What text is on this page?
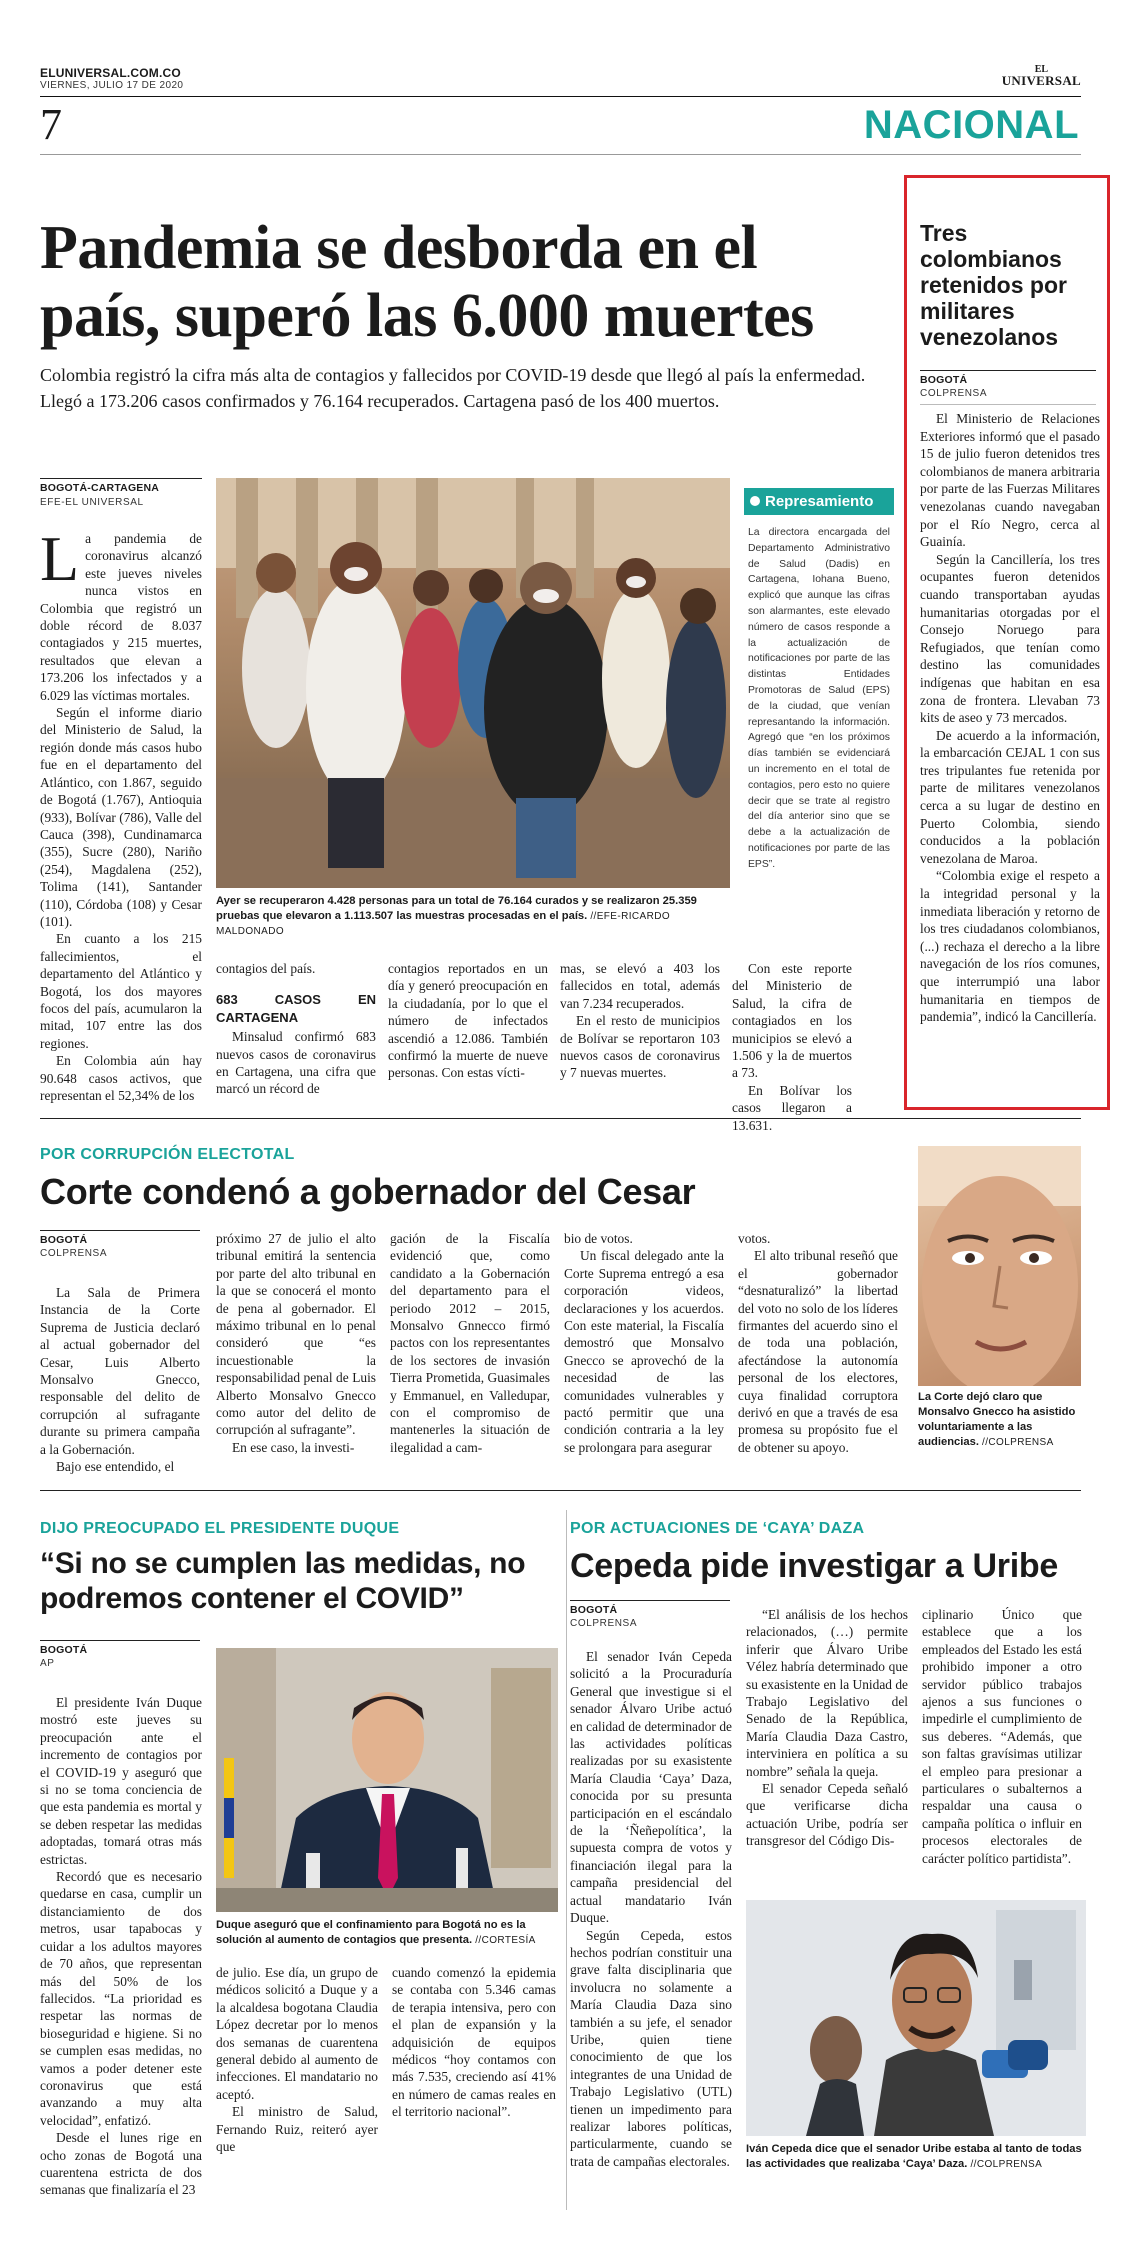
ELUNIVERSAL.COM.CO
VIERNES, JULIO 17 DE 2020
EL
UNIVERSAL
7	NACIONAL
Pandemia se desborda en el país, superó las 6.000 muertes
Colombia registró la cifra más alta de contagios y fallecidos por COVID-19 desde que llegó al país la enfermedad. Llegó a 173.206 casos confirmados y 76.164 recuperados. Cartagena pasó de los 400 muertos.
BOGOTÁ-CARTAGENA
EFE-EL UNIVERSAL

La pandemia de coronavirus alcanzó este jueves niveles nunca vistos en Colombia que registró un doble récord de 8.037 contagiados y 215 muertes, resultados que elevan a 173.206 los infectados y a 6.029 las víctimas mortales.

Según el informe diario del Ministerio de Salud, la región donde más casos hubo fue en el departamento del Atlántico, con 1.867, seguido de Bogotá (1.767), Antioquia (933), Bolívar (786), Valle del Cauca (398), Cundinamarca (355), Sucre (280), Nariño (254), Magdalena (252), Tolima (141), Santander (110), Córdoba (108) y Cesar (101).

En cuanto a los 215 fallecimientos, el departamento del Atlántico y Bogotá, los dos mayores focos del país, acumularon la mitad, 107 entre las dos regiones.

En Colombia aún hay 90.648 casos activos, que representan el 52,34% de los

Ayer se recuperaron 4.428 personas para un total de 76.164 curados y se realizaron 25.359 pruebas que elevaron a 1.113.507 las muestras procesadas en el país. //EFE-RICARDO MALDONADO
Represamiento
La directora encargada del Departamento Administrativo de Salud (Dadis) en Cartagena, Iohana Bueno, explicó que aunque las cifras son alarmantes, este elevado número de casos responde a la actualización de notificaciones por parte de las distintas Entidades Promotoras de Salud (EPS) de la ciudad, que venían represantando la información. Agregó que “en los próximos días también se evidenciará un incremento en el total de contagios, pero esto no quiere decir que se trate al registro del día anterior sino que se debe a la actualización de notificaciones por parte de las EPS”.

contagios del país.

683 CASOS EN CARTAGENA

Minsalud confirmó 683 nuevos casos de coronavirus en Cartagena, una cifra que marcó un récord de

contagios reportados en un día y generó preocupación en la ciudadanía, por lo que el número de infectados ascendió a 12.086. También confirmó la muerte de nueve personas. Con estas vícti-

mas, se elevó a 403 los fallecidos en total, además van 7.234 recuperados.

En el resto de municipios de Bolívar se reportaron 103 nuevos casos de coronavirus y 7 nuevas muertes.

Con este reporte del Ministerio de Salud, la cifra de contagiados en los municipios se elevó a 1.506 y la de muertos a 73.

En Bolívar los casos llegaron a 13.631.

Tres colombianos retenidos por militares venezolanos
BOGOTÁ
COLPRENSA

El Ministerio de Relaciones Exteriores informó que el pasado 15 de julio fueron detenidos tres colombianos de manera arbitraria por parte de las Fuerzas Militares venezolanas cuando navegaban por el Río Negro, cerca al Guainía.

Según la Cancillería, los tres ocupantes fueron detenidos cuando transportaban ayudas humanitarias otorgadas por el Consejo Noruego para Refugiados, que tenían como destino las comunidades indígenas que habitan en esa zona de frontera. Llevaban 73 kits de aseo y 73 mercados.

De acuerdo a la información, la embarcación CEJAL 1 con sus tres tripulantes fue retenida por parte de militares venezolanos cerca a su lugar de destino en Puerto Colombia, siendo conducidos a la población venezolana de Maroa.

“Colombia exige el respeto a la integridad personal y la inmediata liberación y retorno de los tres ciudadanos colombianos, (...) rechaza el derecho a la libre navegación de los ríos comunes, que interrumpió una labor humanitaria en tiempos de pandemia”, indicó la Cancillería.

POR CORRUPCIÓN ELECTOTAL
Corte condenó a gobernador del Cesar
BOGOTÁ
COLPRENSA

La Sala de Primera Instancia de la Corte Suprema de Justicia declaró al actual gobernador del Cesar, Luis Alberto Monsalvo Gnecco, responsable del delito de corrupción al sufragante durante su primera campaña a la Gobernación.

Bajo ese entendido, el

próximo 27 de julio el alto tribunal emitirá la sentencia por parte del alto tribunal en la que se conocerá el monto de pena al gobernador. El máximo tribunal en lo penal consideró que “es incuestionable la responsabilidad penal de Luis Alberto Monsalvo Gnecco como autor del delito de corrupción al sufragante”.

En ese caso, la investi-

gación de la Fiscalía evidenció que, como candidato a la Gobernación del departamento para el periodo 2012 – 2015, Monsalvo Gnnecco firmó pactos con los representantes de los sectores de invasión Tierra Prometida, Guasimales y Emmanuel, en Valledupar, con el compromiso de mantenerles la situación de ilegalidad a cam-

bio de votos.

Un fiscal delegado ante la Corte Suprema entregó a esa corporación videos, declaraciones y los acuerdos. Con este material, la Fiscalía demostró que Monsalvo Gnecco se aprovechó de la necesidad de las comunidades vulnerables y pactó permitir que una condición contraria a la ley se prolongara para asegurar

votos.

El alto tribunal reseñó que el gobernador “desnaturalizó” la libertad del voto no solo de los líderes firmantes del acuerdo sino el de toda una población, afectándose la autonomía personal de los electores, cuya finalidad corruptora derivó en que a través de esa promesa su propósito fue el de obtener su apoyo.

La Corte dejó claro que Monsalvo Gnecco ha asistido voluntariamente a las audiencias. //COLPRENSA
DIJO PREOCUPADO EL PRESIDENTE DUQUE
“Si no se cumplen las medidas, no podremos contener el COVID”
BOGOTÁ
AP

El presidente Iván Duque mostró este jueves su preocupación ante el incremento de contagios por el COVID-19 y aseguró que si no se toma conciencia de que esta pandemia es mortal y se deben respetar las medidas adoptadas, tomará otras más estrictas.

Recordó que es necesario quedarse en casa, cumplir un distanciamiento de dos metros, usar tapabocas y cuidar a los adultos mayores de 70 años, que representan más del 50% de los fallecidos. “La prioridad es respetar las normas de bioseguridad e higiene. Si no se cumplen esas medidas, no vamos a poder detener este coronavirus que está avanzando a muy alta velocidad”, enfatizó.

Desde el lunes rige en ocho zonas de Bogotá una cuarentena estricta de dos semanas que finalizaría el 23

Duque aseguró que el confinamiento para Bogotá no es la solución al aumento de contagios que presenta. //CORTESÍA

de julio. Ese día, un grupo de médicos solicitó a Duque y a la alcaldesa bogotana Claudia López decretar por lo menos dos semanas de cuarentena general debido al aumento de infecciones. El mandatario no aceptó.

El ministro de Salud, Fernando Ruiz, reiteró ayer que

cuando comenzó la epidemia se contaba con 5.346 camas de terapia intensiva, pero con el plan de expansión y la adquisición de equipos médicos “hoy contamos con más 7.535, creciendo así 41% en número de camas reales en el territorio nacional”.

POR ACTUACIONES DE ‘CAYA’ DAZA
Cepeda pide investigar a Uribe
BOGOTÁ
COLPRENSA

El senador Iván Cepeda solicitó a la Procuraduría General que investigue si el senador Álvaro Uribe actuó en calidad de determinador de las actividades políticas realizadas por su exasistente María Claudia ‘Caya’ Daza, conocida por su presunta participación en el escándalo de la ‘Ñeñepolítica’, la supuesta compra de votos y financiación ilegal para la campaña presidencial del actual mandatario Iván Duque.

Según Cepeda, estos hechos podrían constituir una grave falta disciplinaria que involucra no solamente a María Claudia Daza sino también a su jefe, el senador Uribe, quien tiene conocimiento de que los integrantes de una Unidad de Trabajo Legislativo (UTL) tienen un impedimento para realizar labores políticas, particularmente, cuando se trata de campañas electorales.

“El análisis de los hechos relacionados, (…) permite inferir que Álvaro Uribe Vélez habría determinado que su exasistente en la Unidad de Trabajo Legislativo del Senado de la República, María Claudia Daza Castro, interviniera en política a su nombre” señala la queja.

El senador Cepeda señaló que verificarse dicha actuación Uribe, podría ser transgresor del Código Dis-

ciplinario Único que establece que a los empleados del Estado les está prohibido imponer a otro servidor público trabajos ajenos a sus funciones o impedirle el cumplimiento de sus deberes. “Además, que son faltas gravísimas utilizar el empleo para presionar a particulares o subalternos a respaldar una causa o campaña política o influir en procesos electorales de carácter político partidista”.

Iván Cepeda dice que el senador Uribe estaba al tanto de todas las actividades que realizaba ‘Caya’ Daza. //COLPRENSA
